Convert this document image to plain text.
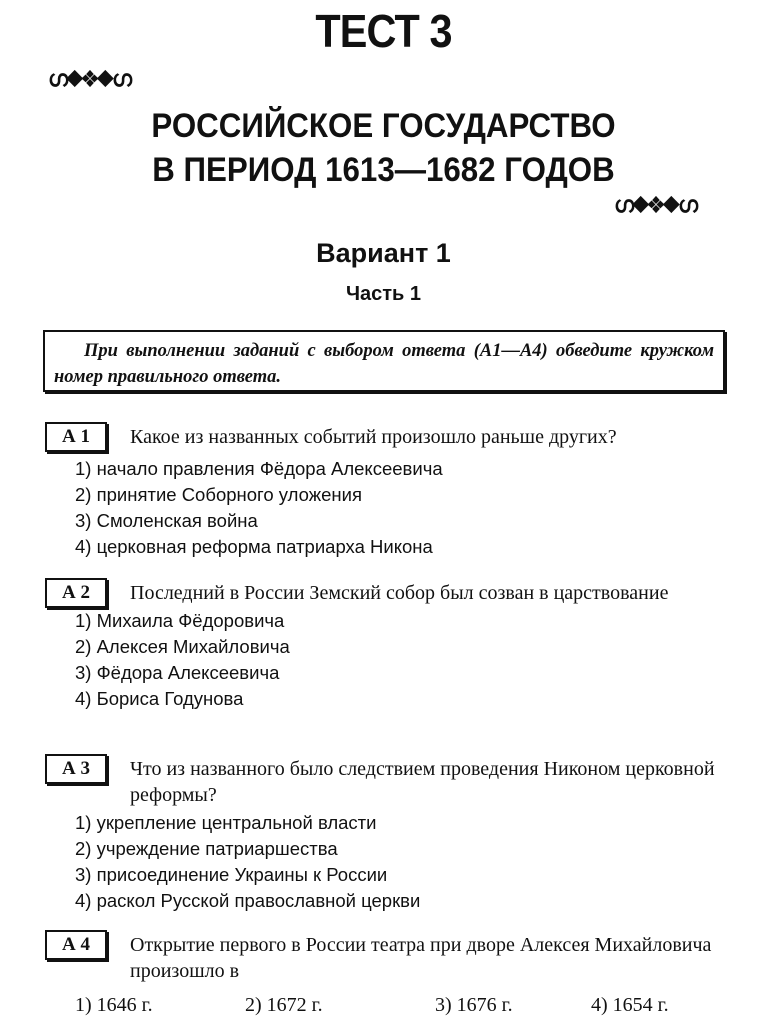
ТЕСТ 3
ഗ◆❖◆ഗ
РОССИЙСКОЕ ГОСУДАРСТВО
В ПЕРИОД 1613—1682 ГОДОВ
ഗ◆❖◆ഗ
Вариант 1
Часть 1
При выполнении заданий с выбором ответа (А1—А4) обведите кружком номер правильного ответа.
А 1	Какое из названных событий произошло раньше других?
1) начало правления Фёдора Алексеевича
2) принятие Соборного уложения
3) Смоленская война
4) церковная реформа патриарха Никона
А 2	Последний в России Земский собор был созван в царствование
1) Михаила Фёдоровича
2) Алексея Михайловича
3) Фёдора Алексеевича
4) Бориса Годунова
А 3	Что из названного было следствием проведения Никоном церковной реформы?
1) укрепление центральной власти
2) учреждение патриаршества
3) присоединение Украины к России
4) раскол Русской православной церкви
А 4	Открытие первого в России театра при дворе Алексея Михайловича произошло в
1) 1646 г.	2) 1672 г.	3) 1676 г.	4) 1654 г.
